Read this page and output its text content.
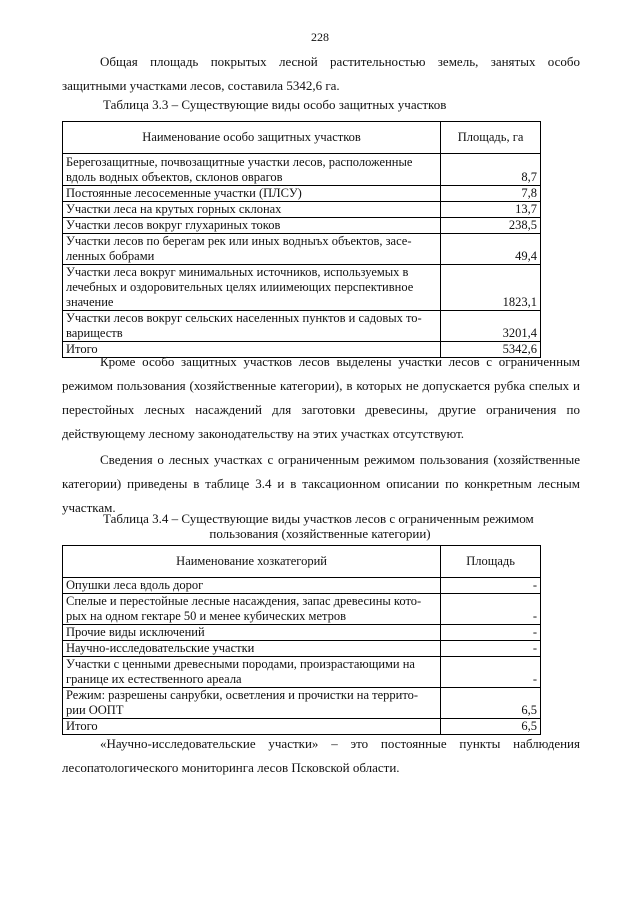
228

Общая площадь покрытых лесной растительностью земель, занятых особо защитными участками лесов, составила 5342,6 га.

Таблица 3.3 – Существующие виды особо защитных участков
Наименование особо защитных участков	Площадь, га
Берегозащитные, почвозащитные участки лесов, расположенные вдоль водных объектов, склонов оврагов	8,7
Постоянные лесосеменные участки (ПЛСУ)	7,8
Участки леса на крутых горных склонах	13,7
Участки лесов вокруг глухариных токов	238,5
Участки лесов по берегам рек или иных водныъх объектов, засе-ленных бобрами	49,4
Участки леса вокруг минимальных источников, используемых в лечебных и оздоровительных целях илиимеющих перспективное значение	1823,1
Участки лесов вокруг сельских населенных пунктов и садовых то-вариществ	3201,4
Итого	5342,6

Кроме особо защитных участков лесов выделены участки лесов с ограниченным режимом пользования (хозяйственные категории), в которых не допускается рубка спелых и перестойных лесных насаждений для заготовки древесины, другие ограничения по действующему лесному законодательству на этих участках отсутствуют.

Сведения о лесных участках с ограниченным режимом пользования (хозяйственные категории) приведены в таблице 3.4 и в таксационном описании по конкретным лесным участкам.

Таблица 3.4 – Существующие виды участков лесов с ограниченным режимом
пользования (хозяйственные категории)
Наименование хозкатегорий	Площадь
Опушки леса вдоль дорог	-
Спелые и перестойные лесные насаждения, запас древесины кото-рых на одном гектаре 50 и менее кубических метров	-
Прочие виды исключений	-
Научно-исследовательские участки	-
Участки с ценными древесными породами, произрастающими на границе их естественного ареала	-
Режим: разрешены санрубки, осветления и прочистки на террито-рии ООПТ	6,5
Итого	6,5

«Научно-исследовательские участки» – это постоянные пункты наблюдения лесопатологического мониторинга лесов Псковской области.
